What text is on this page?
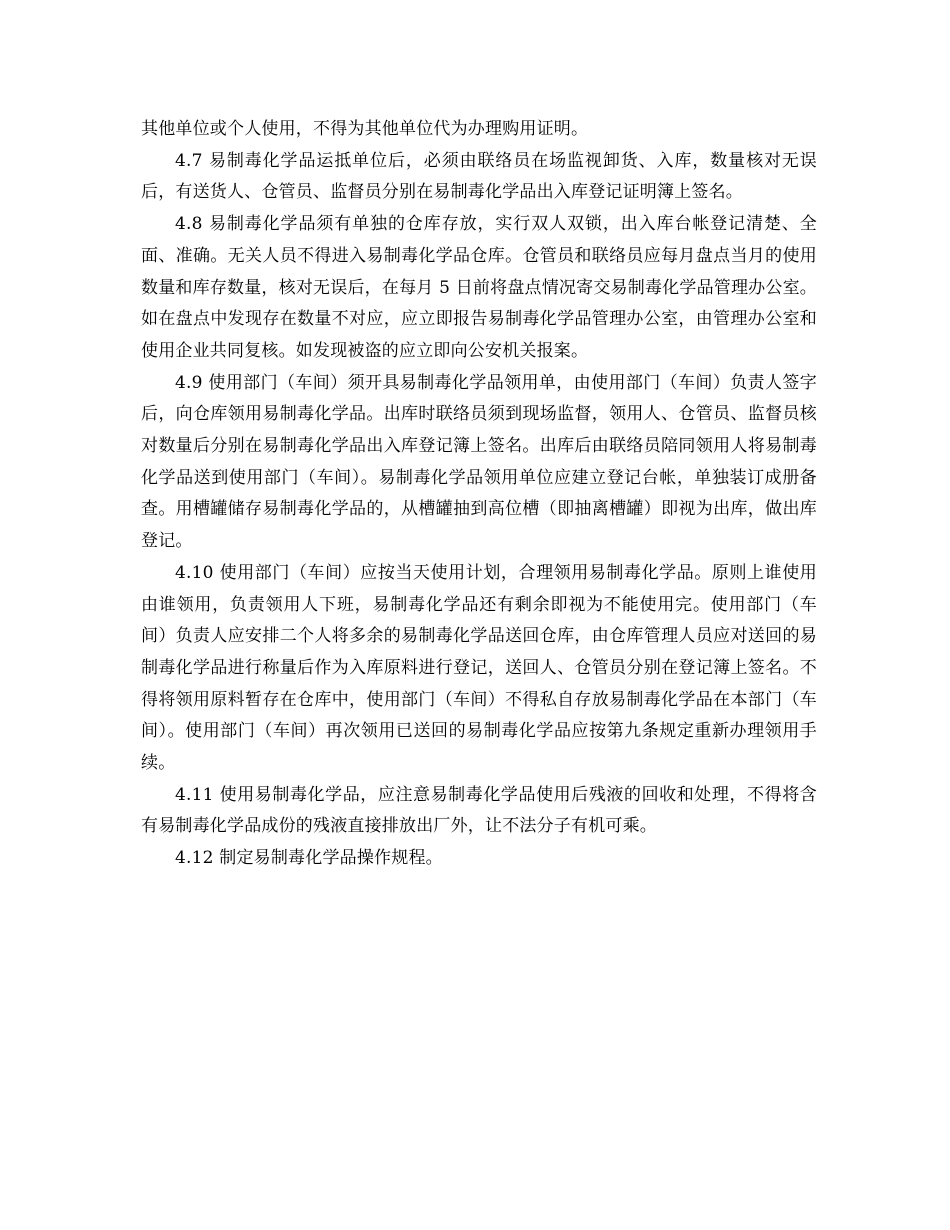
其他单位或个人使用，不得为其他单位代为办理购用证明。

4.7 易制毒化学品运抵单位后，必须由联络员在场监视卸货、入库，数量核对无误后，有送货人、仓管员、监督员分别在易制毒化学品出入库登记证明簿上签名。

4.8 易制毒化学品须有单独的仓库存放，实行双人双锁，出入库台帐登记清楚、全面、准确。无关人员不得进入易制毒化学品仓库。仓管员和联络员应每月盘点当月的使用数量和库存数量，核对无误后，在每月 5 日前将盘点情况寄交易制毒化学品管理办公室。如在盘点中发现存在数量不对应，应立即报告易制毒化学品管理办公室，由管理办公室和使用企业共同复核。如发现被盗的应立即向公安机关报案。

4.9 使用部门（车间）须开具易制毒化学品领用单，由使用部门（车间）负责人签字后，向仓库领用易制毒化学品。出库时联络员须到现场监督，领用人、仓管员、监督员核对数量后分别在易制毒化学品出入库登记簿上签名。出库后由联络员陪同领用人将易制毒化学品送到使用部门（车间）。易制毒化学品领用单位应建立登记台帐，单独装订成册备查。用槽罐储存易制毒化学品的，从槽罐抽到高位槽（即抽离槽罐）即视为出库，做出库登记。

4.10 使用部门（车间）应按当天使用计划，合理领用易制毒化学品。原则上谁使用由谁领用，负责领用人下班，易制毒化学品还有剩余即视为不能使用完。使用部门（车间）负责人应安排二个人将多余的易制毒化学品送回仓库，由仓库管理人员应对送回的易制毒化学品进行称量后作为入库原料进行登记，送回人、仓管员分别在登记簿上签名。不得将领用原料暂存在仓库中，使用部门（车间）不得私自存放易制毒化学品在本部门（车间）。使用部门（车间）再次领用已送回的易制毒化学品应按第九条规定重新办理领用手续。

4.11 使用易制毒化学品，应注意易制毒化学品使用后残液的回收和处理，不得将含有易制毒化学品成份的残液直接排放出厂外，让不法分子有机可乘。

4.12 制定易制毒化学品操作规程。
